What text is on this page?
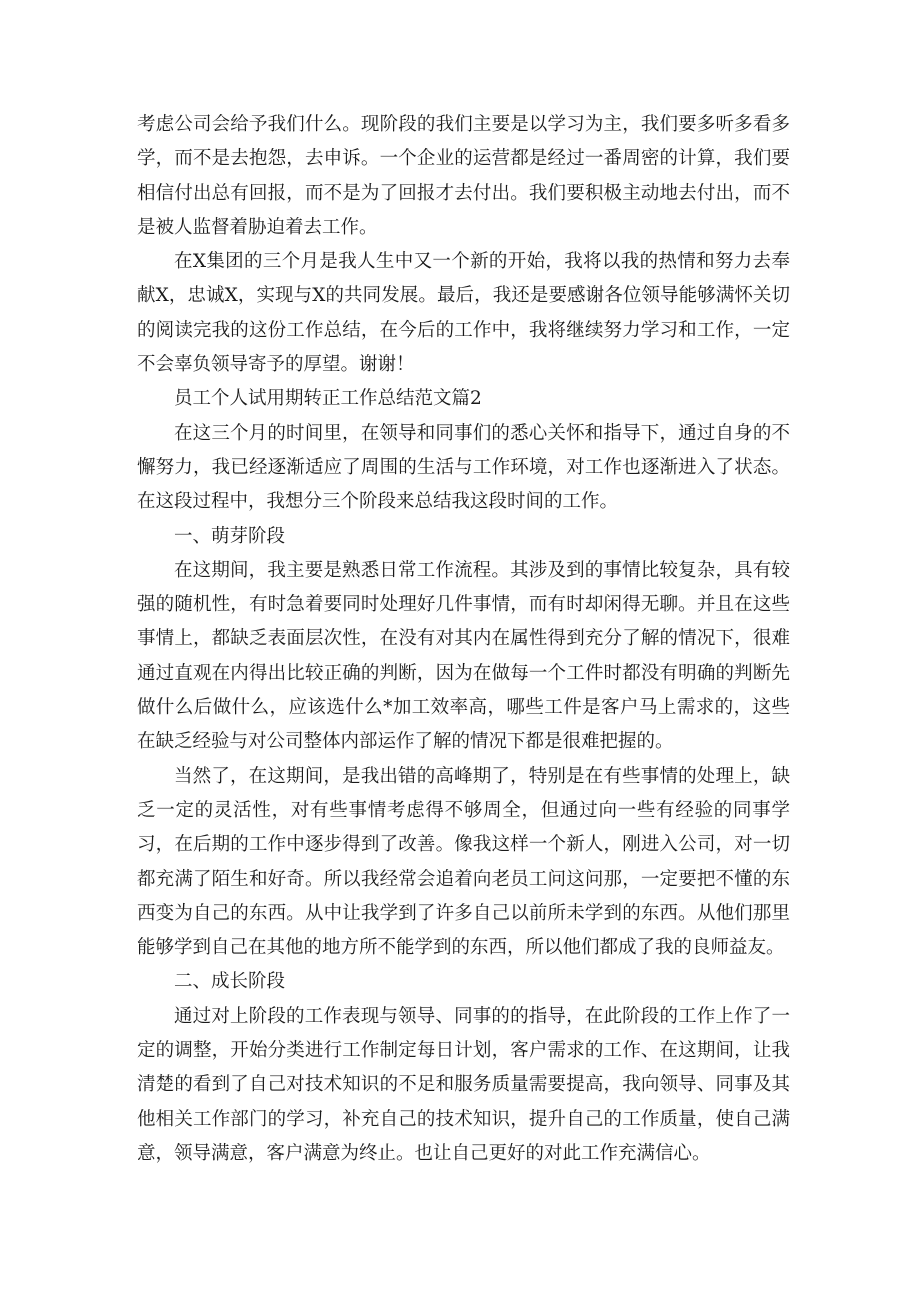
考虑公司会给予我们什么。现阶段的我们主要是以学习为主，我们要多听多看多学，而不是去抱怨，去申诉。一个企业的运营都是经过一番周密的计算，我们要相信付出总有回报，而不是为了回报才去付出。我们要积极主动地去付出，而不是被人监督着胁迫着去工作。

在X集团的三个月是我人生中又一个新的开始，我将以我的热情和努力去奉献X，忠诚X，实现与X的共同发展。最后，我还是要感谢各位领导能够满怀关切的阅读完我的这份工作总结，在今后的工作中，我将继续努力学习和工作，一定不会辜负领导寄予的厚望。谢谢！

员工个人试用期转正工作总结范文篇2

在这三个月的时间里，在领导和同事们的悉心关怀和指导下，通过自身的不懈努力，我已经逐渐适应了周围的生活与工作环境，对工作也逐渐进入了状态。在这段过程中，我想分三个阶段来总结我这段时间的工作。

一、萌芽阶段

在这期间，我主要是熟悉日常工作流程。其涉及到的事情比较复杂，具有较强的随机性，有时急着要同时处理好几件事情，而有时却闲得无聊。并且在这些事情上，都缺乏表面层次性，在没有对其内在属性得到充分了解的情况下，很难通过直观在内得出比较正确的判断，因为在做每一个工件时都没有明确的判断先做什么后做什么，应该选什么*加工效率高，哪些工件是客户马上需求的，这些在缺乏经验与对公司整体内部运作了解的情况下都是很难把握的。

当然了，在这期间，是我出错的高峰期了，特别是在有些事情的处理上，缺乏一定的灵活性，对有些事情考虑得不够周全，但通过向一些有经验的同事学习，在后期的工作中逐步得到了改善。像我这样一个新人，刚进入公司，对一切都充满了陌生和好奇。所以我经常会追着向老员工问这问那，一定要把不懂的东西变为自己的东西。从中让我学到了许多自己以前所未学到的东西。从他们那里能够学到自己在其他的地方所不能学到的东西，所以他们都成了我的良师益友。

二、成长阶段

通过对上阶段的工作表现与领导、同事的的指导，在此阶段的工作上作了一定的调整，开始分类进行工作制定每日计划，客户需求的工作、在这期间，让我清楚的看到了自己对技术知识的不足和服务质量需要提高，我向领导、同事及其他相关工作部门的学习，补充自己的技术知识，提升自己的工作质量，使自己满意，领导满意，客户满意为终止。也让自己更好的对此工作充满信心。
